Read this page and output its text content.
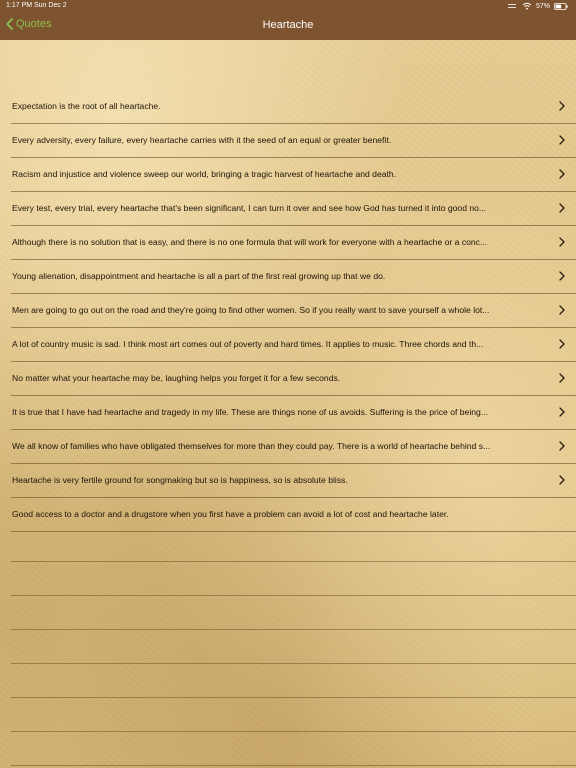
1:17 PM Sun Dec 2	57%
Quotes	Heartache
Expectation is the root of all heartache.
Every adversity, every failure, every heartache carries with it the seed of an equal or greater benefit.
Racism and injustice and violence sweep our world, bringing a tragic harvest of heartache and death.
Every test, every trial, every heartache that's been significant, I can turn it over and see how God has turned it into good no...
Although there is no solution that is easy, and there is no one formula that will work for everyone with a heartache or a conc...
Young alienation, disappointment and heartache is all a part of the first real growing up that we do.
Men are going to go out on the road and they're going to find other women. So if you really want to save yourself a whole lot...
A lot of country music is sad. I think most art comes out of poverty and hard times. It applies to music. Three chords and th...
No matter what your heartache may be, laughing helps you forget it for a few seconds.
It is true that I have had heartache and tragedy in my life. These are things none of us avoids. Suffering is the price of being...
We all know of families who have obligated themselves for more than they could pay. There is a world of heartache behind s...
Heartache is very fertile ground for songmaking but so is happiness, so is absolute bliss.
Good access to a doctor and a drugstore when you first have a problem can avoid a lot of cost and heartache later.
